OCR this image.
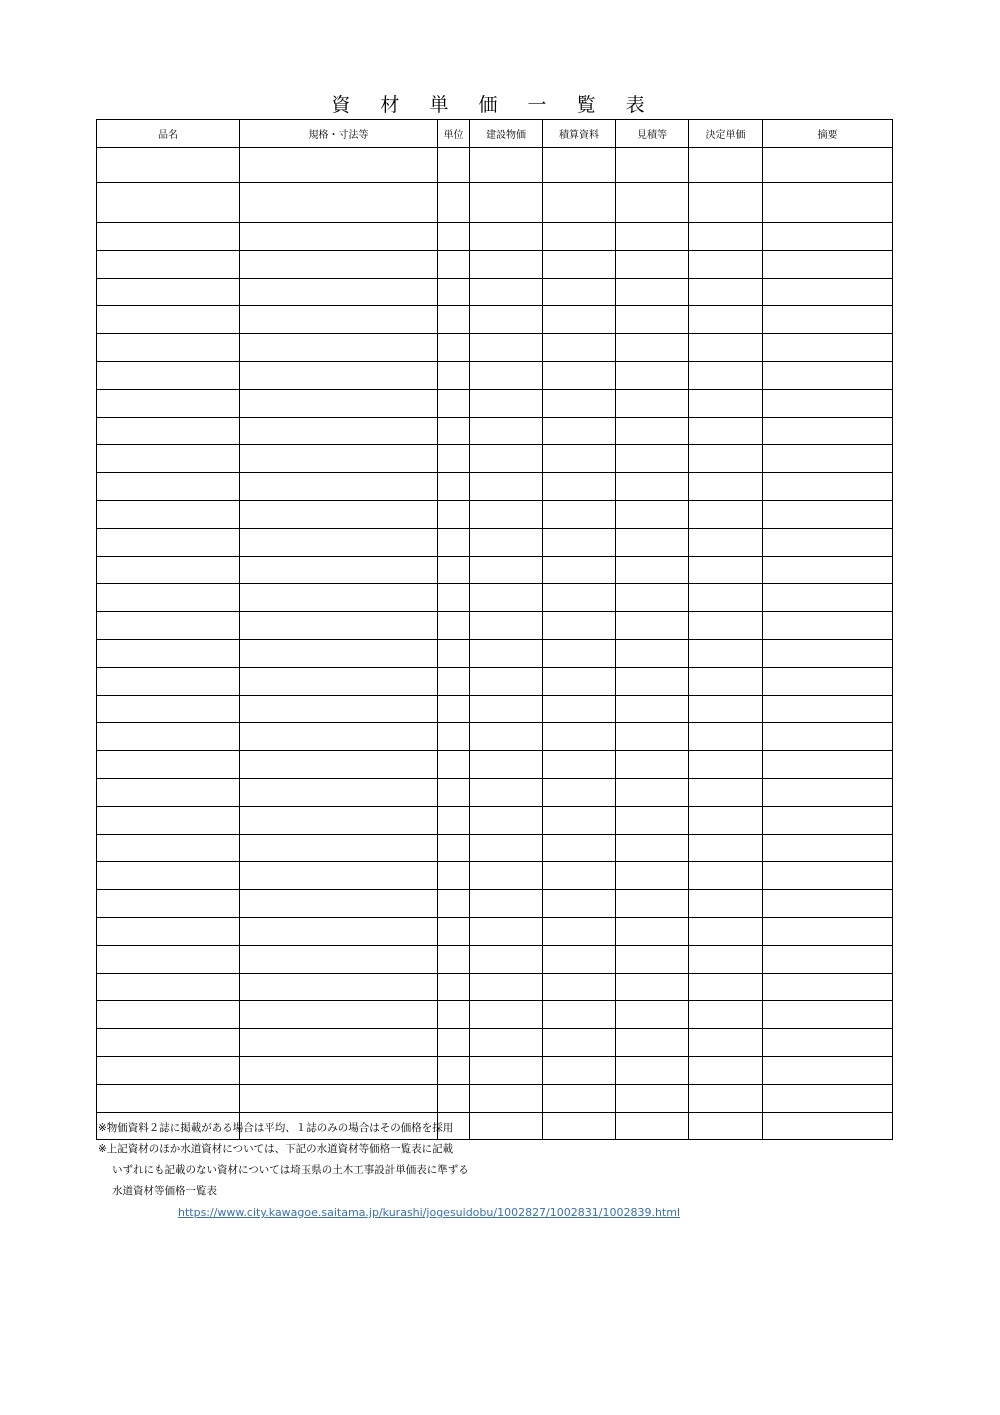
資 材 単 価 一 覧 表
品名	規格・寸法等	単位	建設物価	積算資料	見積等	決定単価	摘要

※物価資料２誌に掲載がある場合は平均、１誌のみの場合はその価格を採用
※上記資材のほか水道資材については、下記の水道資材等価格一覧表に記載
いずれにも記載のない資材については埼玉県の土木工事設計単価表に準ずる
水道資材等価格一覧表
https://www.city.kawagoe.saitama.jp/kurashi/jogesuidobu/1002827/1002831/1002839.html
